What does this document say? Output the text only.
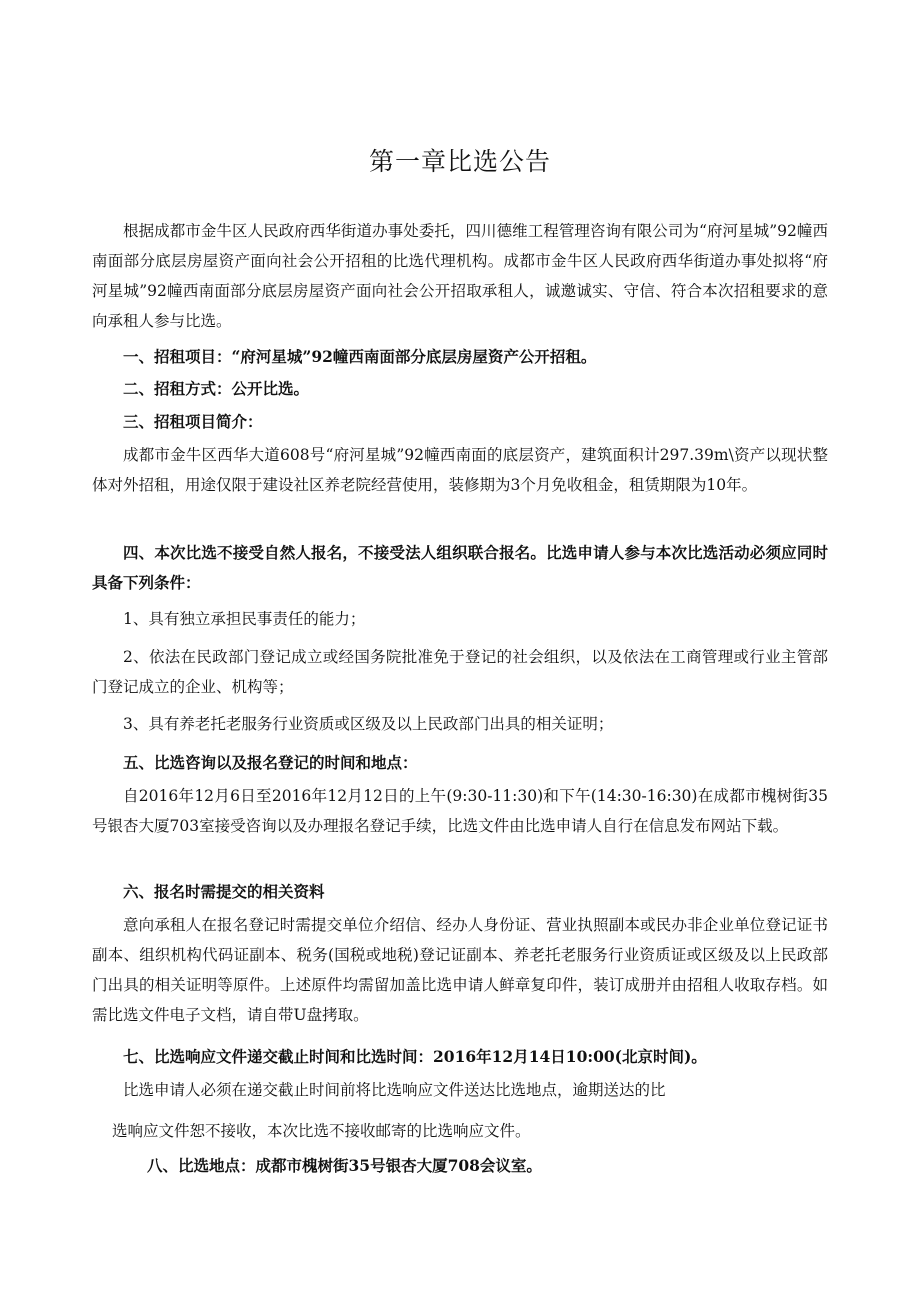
第一章比选公告

根据成都市金牛区人民政府西华街道办事处委托，四川德维工程管理咨询有限公司为“府河星城”92幢西南面部分底层房屋资产面向社会公开招租的比选代理机构。成都市金牛区人民政府西华街道办事处拟将“府河星城”92幢西南面部分底层房屋资产面向社会公开招取承租人，诚邀诚实、守信、符合本次招租要求的意向承租人参与比选。

一、招租项目：“府河星城”92幢西南面部分底层房屋资产公开招租。

二、招租方式：公开比选。

三、招租项目简介：

成都市金牛区西华大道608号“府河星城”92幢西南面的底层资产，建筑面积计297.39m\资产以现状整体对外招租，用途仅限于建设社区养老院经营使用，装修期为3个月免收租金，租赁期限为10年。

四、本次比选不接受自然人报名，不接受法人组织联合报名。比选申请人参与本次比选活动必须应同时具备下列条件：

1、具有独立承担民事责任的能力；

2、依法在民政部门登记成立或经国务院批准免于登记的社会组织，以及依法在工商管理或行业主管部门登记成立的企业、机构等；

3、具有养老托老服务行业资质或区级及以上民政部门出具的相关证明；

五、比选咨询以及报名登记的时间和地点：

自2016年12月6日至2016年12月12日的上午(9:30-11:30)和下午(14:30-16:30)在成都市槐树街35号银杏大厦703室接受咨询以及办理报名登记手续，比选文件由比选申请人自行在信息发布网站下载。

六、报名时需提交的相关资料

意向承租人在报名登记时需提交单位介绍信、经办人身份证、营业执照副本或民办非企业单位登记证书副本、组织机构代码证副本、税务(国税或地税)登记证副本、养老托老服务行业资质证或区级及以上民政部门出具的相关证明等原件。上述原件均需留加盖比选申请人鲜章复印件，装订成册并由招租人收取存档。如需比选文件电子文档，请自带U盘拷取。

七、比选响应文件递交截止时间和比选时间：2016年12月14日10:00(北京时间)。

比选申请人必须在递交截止时间前将比选响应文件送达比选地点，逾期送达的比

选响应文件恕不接收，本次比选不接收邮寄的比选响应文件。

八、比选地点：成都市槐树街35号银杏大厦708会议室。
